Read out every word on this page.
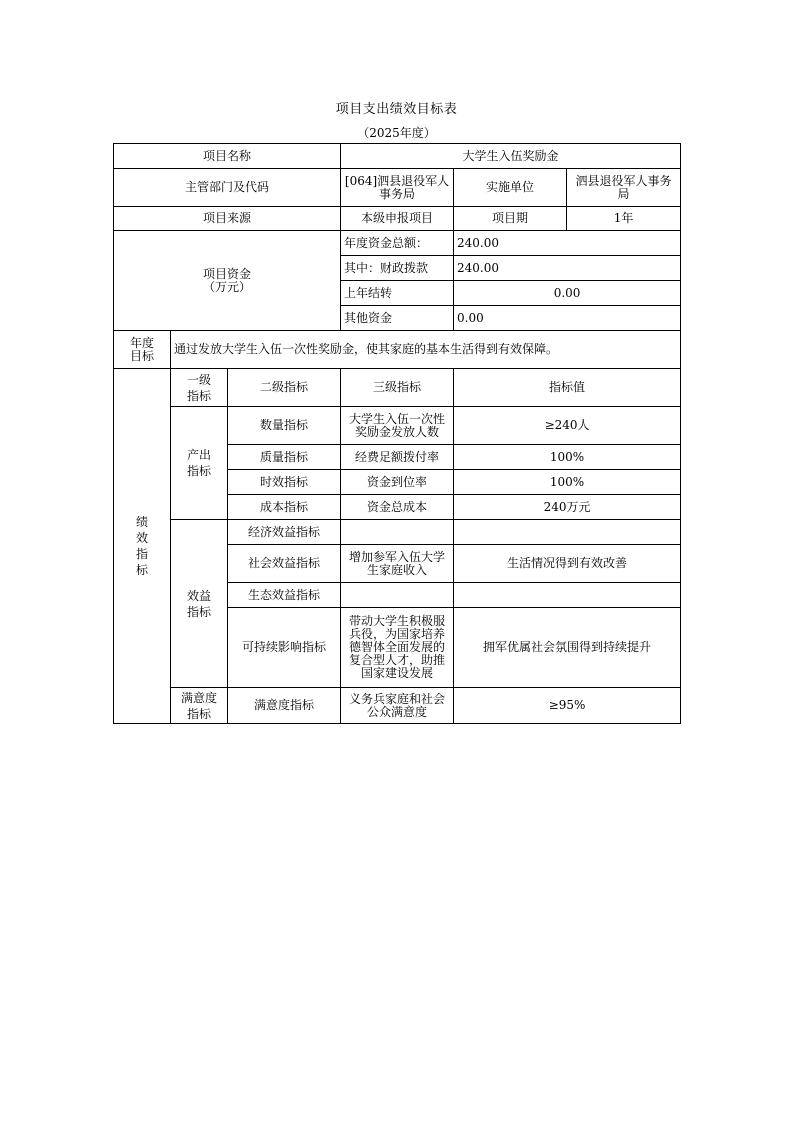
项目支出绩效目标表
（2025年度）
项目名称			大学生入伍奖励金		
主管部门及代码			[064]泗县退役军人事务局	实施单位	泗县退役军人事务局
项目来源			本级申报项目	项目期	1年

项目资金
（万元）			年度资金总额：	240.00	
			其中：财政拨款	240.00	
			上年结转	0.00	
			其他资金	0.00	

年度
目标	通过发放大学生入伍一次性奖励金，使其家庭的基本生活得到有效保障。				
绩效指标	一级指标	二级指标	三级指标	指标值	
	产出指标	数量指标	大学生入伍一次性奖励金发放人数	≥240人	
		质量指标	经费足额拨付率	100%	
		时效指标	资金到位率	100%	
		成本指标	资金总成本	240万元	
	效益指标	经济效益指标			
		社会效益指标	增加参军入伍大学生家庭收入	生活情况得到有效改善	
		生态效益指标			
		可持续影响指标	带动大学生积极服兵役，为国家培养德智体全面发展的复合型人才，助推国家建设发展	拥军优属社会氛围得到持续提升	
	满意度指标	满意度指标	义务兵家庭和社会公众满意度	≥95%	
